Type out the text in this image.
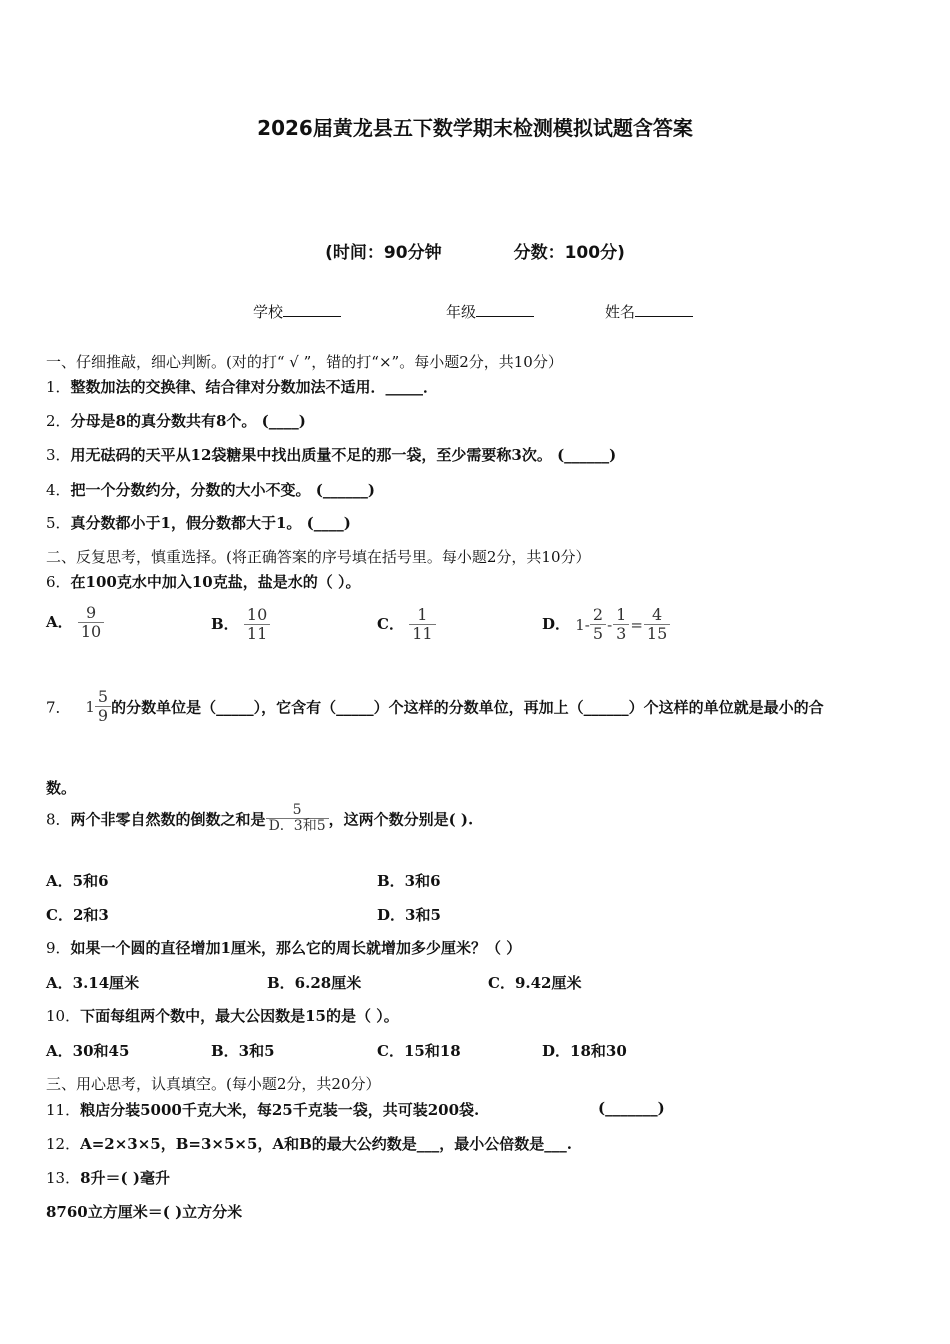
2026届黄龙县五下数学期末检测模拟试题含答案
(时间：90分钟	分数：100分)
学校	年级	姓名
一、仔细推敲，细心判断。(对的打“ √ ”，错的打“×”。每小题2分，共10分）
1．整数加法的交换律、结合律对分数加法不适用．_____．
2．分母是8的真分数共有8个。 (____)
3．用无砝码的天平从12袋糖果中找出质量不足的那一袋，至少需要称3次。 (______)
4．把一个分数约分，分数的大小不变。 (______)
5．真分数都小于1，假分数都大于1。 (____)
二、反复思考，慎重选择。(将正确答案的序号填在括号里。每小题2分，共10分）
6．在100克水中加入10克盐，盐是水的（ ）。
A． $\frac{9}{10}$	B． $\frac{10}{11}$	C． $\frac{1}{11}$	D． $1- \frac{2}{5} - \frac{1}{3} = \frac{4}{15}$
7． $1 \frac{5}{9}$ 的分数单位是（_____），它含有（_____）个这样的分数单位，再加上（______）个这样的单位就是最小的合
数。
8．两个非零自然数的倒数之和是 $\frac{5}{\text{D．3和5}}$ ，这两个数分别是( ).
A．5和6	B．3和6
C．2和3	D．3和5
9．如果一个圆的直径增加1厘米，那么它的周长就增加多少厘米？（ ）
A．3.14厘米	B．6.28厘米	C．9.42厘米
10．下面每组两个数中，最大公因数是15的是（ ）。
A．30和45	B．3和5	C．15和18	D．18和30
三、用心思考，认真填空。(每小题2分，共20分）
11．粮店分装5000千克大米，每25千克装一袋，共可装200袋.	(_______)
12．A=2×3×5，B=3×5×5，A和B的最大公约数是___，最小公倍数是___.
13．8升＝( )毫升
8760立方厘米＝( )立方分米
